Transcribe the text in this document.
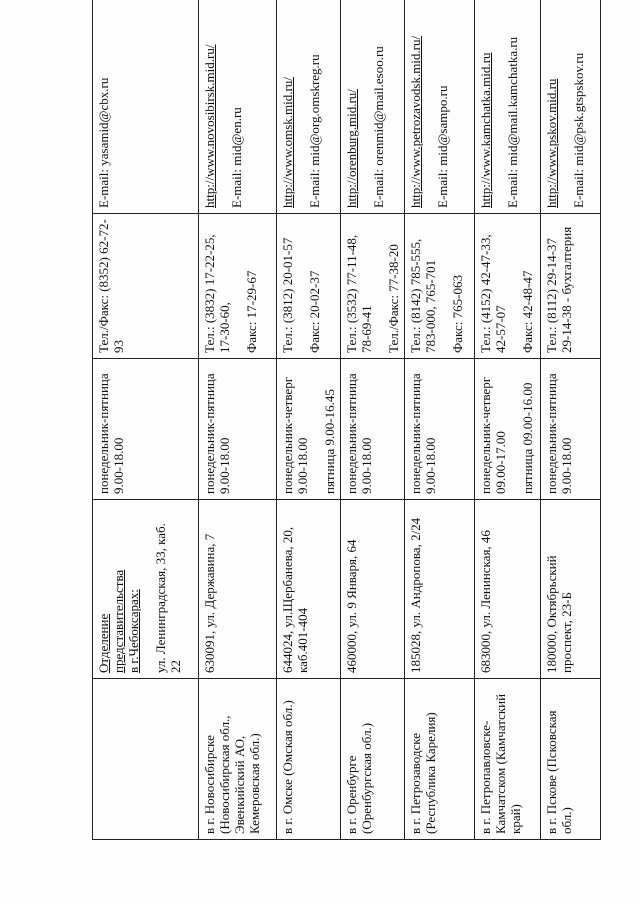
	Отделение представительства в г.Чебоксарах: ул. Ленинградская, 33, каб. 22	понедельник-пятница 9.00-18.00	Тел./Факс: (8352) 62-72-93	E-mail: yasamid@cbx.ru

в г. Новосибирске (Новосибирская обл., Эвенкийский АО, Кемеровская обл.)	630091, ул. Державина, 7	понедельник-пятница 9.00-18.00	Тел.: (3832) 17-22-25, 17-30-60, Факс: 17-29-67	http://www.novosibirsk.mid.ru/ E-mail: mid@en.ru

в г. Омске (Омская обл.)	644024, ул.Щербанева, 20, каб.401-404	понедельник-четверг 9.00-18.00 пятница 9.00-16.45	Тел.: (3812) 20-01-57 Факс: 20-02-37	http://www.omsk.mid.ru/ E-mail: mid@org.omskreg.ru

в г. Оренбурге (Оренбургская обл.)	460000, ул. 9 Января, 64	понедельник-пятница 9.00-18.00	Тел.: (3532) 77-11-48, 78-69-41 Тел./Факс: 77-38-20	http://orenburg.mid.ru/ E-mail: orenmid@mail.esoo.ru

в г. Петрозаводске (Республика Карелия)	185028, ул. Андропова, 2/24	понедельник-пятница 9.00-18.00	Тел.: (8142) 785-555, 783-000, 765-701 Факс: 765-063	http://www.petrozavodsk.mid.ru/ E-mail: mid@sampo.ru

в г. Петропавловске-Камчатском (Камчатский край)	683000, ул. Ленинская, 46	понедельник-четверг 09.00-17.00 пятница 09.00-16.00	Тел.: (4152) 42-47-33, 42-57-07 Факс: 42-48-47	http://www.kamchatka.mid.ru E-mail: mid@mail.kamchatka.ru

в г. Пскове (Псковская обл.)	180000, Октябрьский проспект, 23-Б	понедельник-пятница 9.00-18.00	Тел.: (8112) 29-14-37 29-14-38 - бухгалтерия	http://www.pskov.mid.ru E-mail: mid@psk.gtspskov.ru
